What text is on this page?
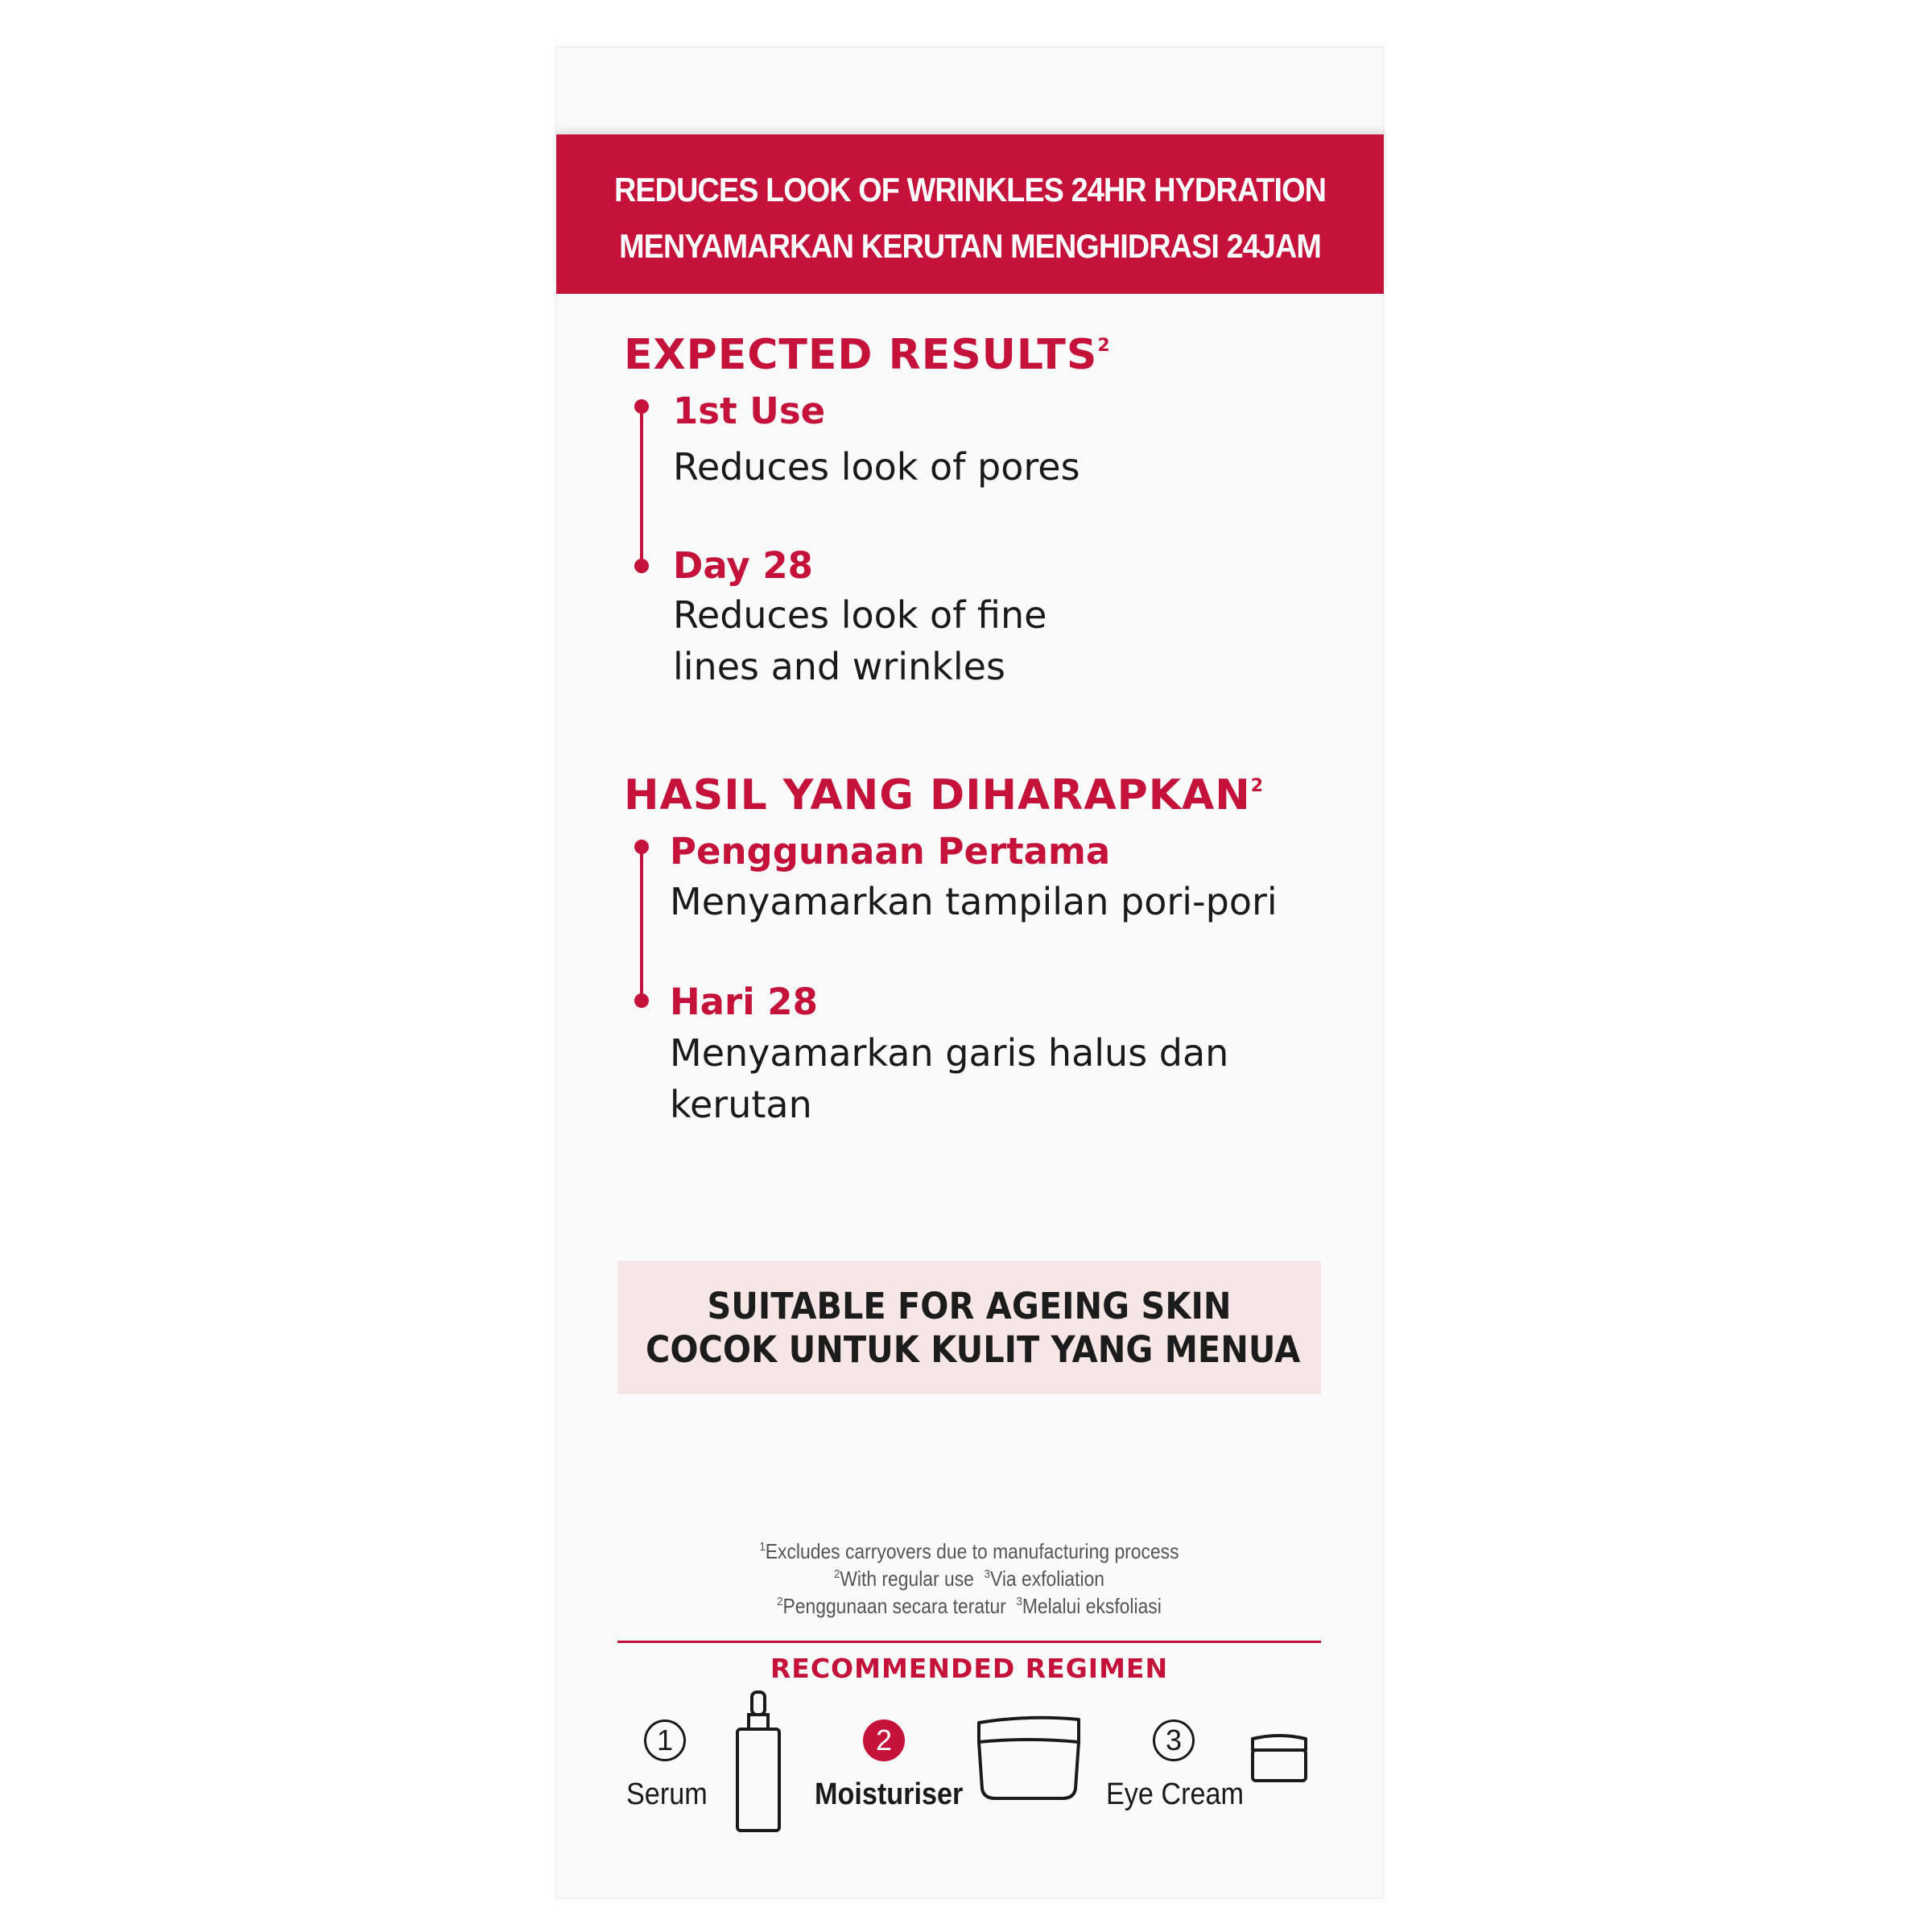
REDUCES LOOK OF WRINKLES 24HR HYDRATION
MENYAMARKAN KERUTAN MENGHIDRASI 24JAM
EXPECTED RESULTS$^2$
1st Use
Reduces look of pores
Day 28
Reduces look of fine
lines and wrinkles
HASIL YANG DIHARAPKAN$^2$
Penggunaan Pertama
Menyamarkan tampilan pori-pori
Hari 28
Menyamarkan garis halus dan
kerutan
SUITABLE FOR AGEING SKIN
COCOK UNTUK KULIT YANG MENUA
$^1$Excludes carryovers due to manufacturing process
$^2$With regular use $^3$Via exfoliation
$^2$Penggunaan secara teratur $^3$Melalui eksfoliasi
RECOMMENDED REGIMEN
1
Serum
2
Moisturiser
3
Eye Cream
